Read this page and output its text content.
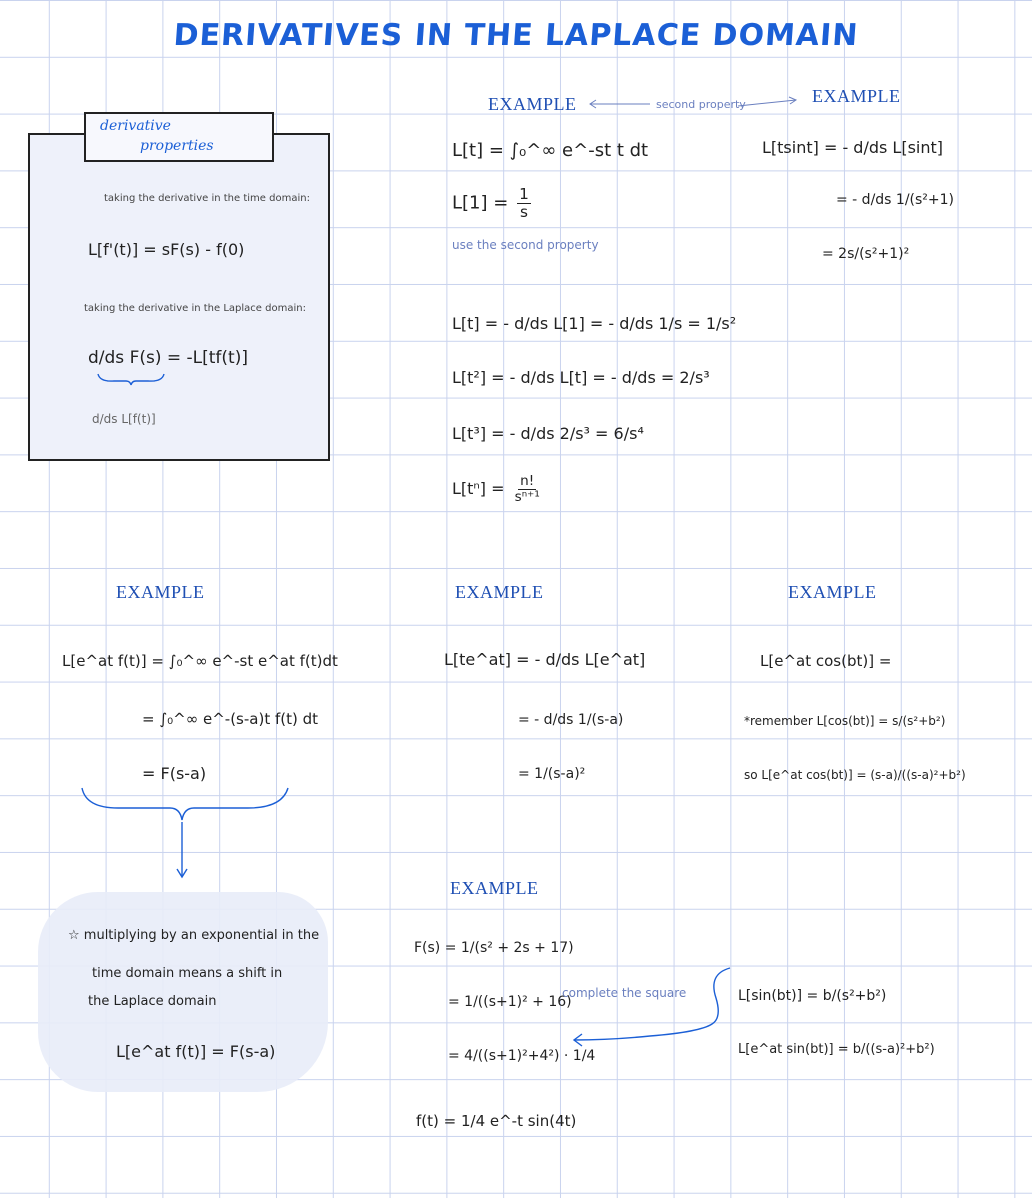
DERIVATIVES IN THE LAPLACE DOMAIN
EXAMPLE	EXAMPLE
second property
derivative
properties
taking the derivative in the time domain:
L[f'(t)] = sF(s) - f(0)
taking the derivative in the Laplace domain:
d/ds F(s) = -L[tf(t)]
d/ds L[f(t)]
L[t] = ∫₀^∞ e^-st t dt
$L[1] = \frac{1}{s}$
use the second property
L[t] = - d/ds L[1] = - d/ds 1/s = 1/s²
L[t²] = - d/ds L[t] = - d/ds = 2/s³
L[t³] = - d/ds 2/s³ = 6/s⁴
$L[t^n] = \frac{n!}{\text{sⁿ⁺¹}}$
L[tsint] = - d/ds L[sint]
= - d/ds 1/(s²+1)
= 2s/(s²+1)²
EXAMPLE	EXAMPLE	EXAMPLE
L[e^at f(t)] = ∫₀^∞ e^-st e^at f(t)dt
= ∫₀^∞ e^-(s-a)t f(t) dt
= F(s-a)
L[te^at] = - d/ds L[e^at]
= - d/ds 1/(s-a)
= 1/(s-a)²
L[e^at cos(bt)] =
*remember L[cos(bt)] = s/(s²+b²)
so L[e^at cos(bt)] = (s-a)/((s-a)²+b²)
☆ multiplying by an exponential in the
time domain means a shift in
the Laplace domain
L[e^at f(t)] = F(s-a)
EXAMPLE
F(s) = 1/(s² + 2s + 17)
= 1/((s+1)² + 16)
complete the square
= 4/((s+1)²+4²) · 1/4
f(t) = 1/4 e^-t sin(4t)
L[sin(bt)] = b/(s²+b²)
L[e^at sin(bt)] = b/((s-a)²+b²)
